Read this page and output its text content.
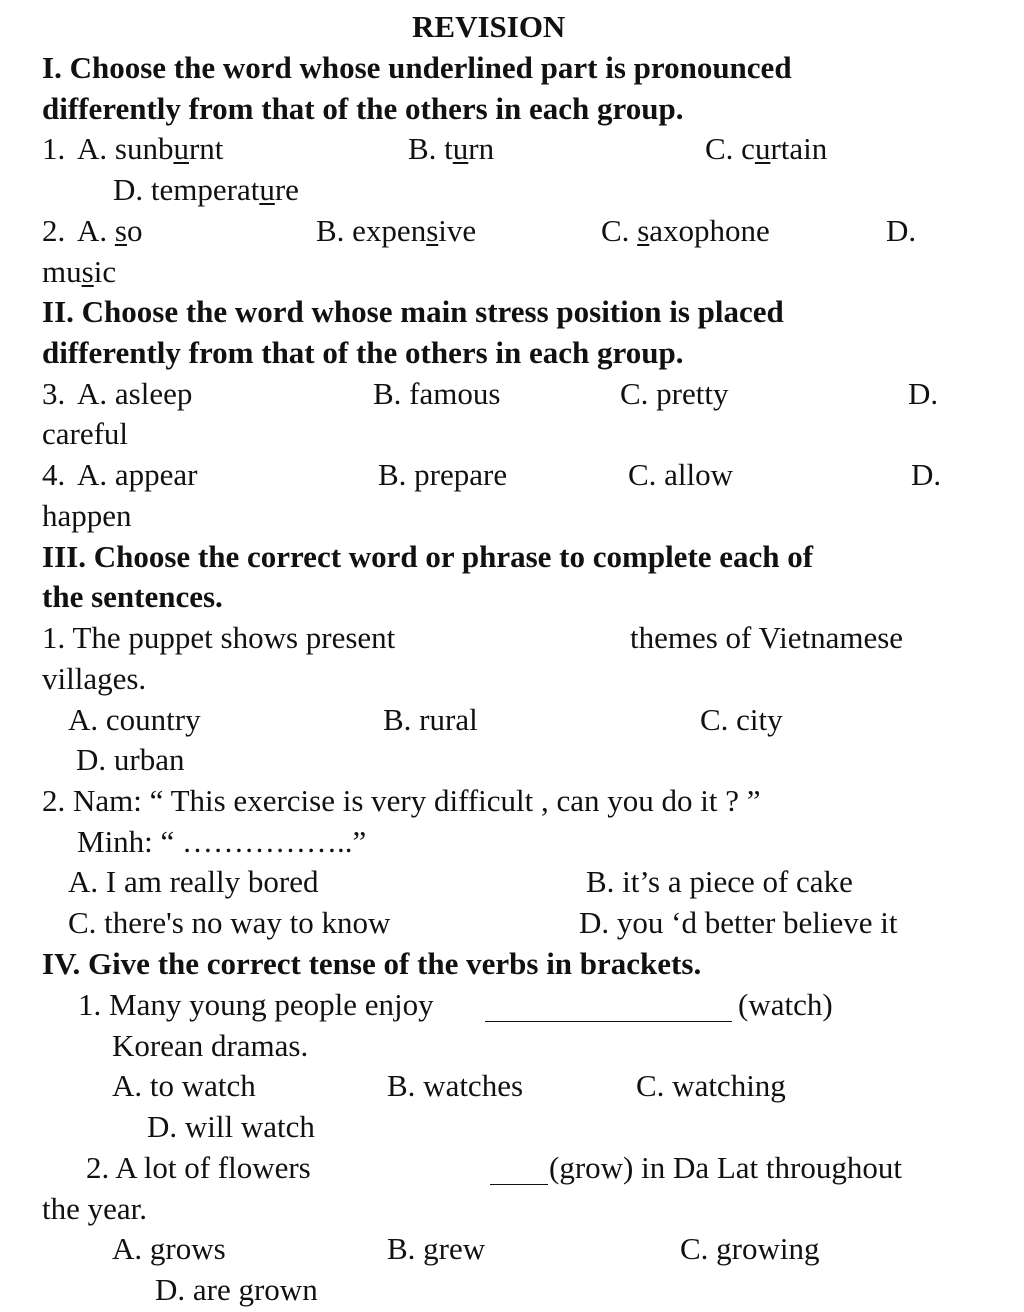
REVISION
I. Choose the word whose underlined part is pronounced
differently from that of the others in each group.
1. A. sunburnt	B. turn	C. curtain
D. temperature
2. A. so	B. expensive	C. saxophone	D.
music
II. Choose the word whose main stress position is placed
differently from that of the others in each group.
3. A. asleep	B. famous	C. pretty	D.
careful
4. A. appear	B. prepare	C. allow	D.
happen
III. Choose the correct word or phrase to complete each of
the sentences.
1. The puppet shows present	themes of Vietnamese
villages.
A. country	B. rural	C. city
D. urban
2. Nam: “ This exercise is very difficult , can you do it ? ”
Minh: “ ……………..”
A. I am really bored	B. it’s a piece of cake
C. there's no way to know	D. you ‘d better believe it
IV. Give the correct tense of the verbs in brackets.
1. Many young people enjoy	(watch)
Korean dramas.
A. to watch	B. watches	C. watching
D. will watch
2. A lot of flowers	(grow) in Da Lat throughout
the year.
A. grows	B. grew	C. growing
D. are grown
